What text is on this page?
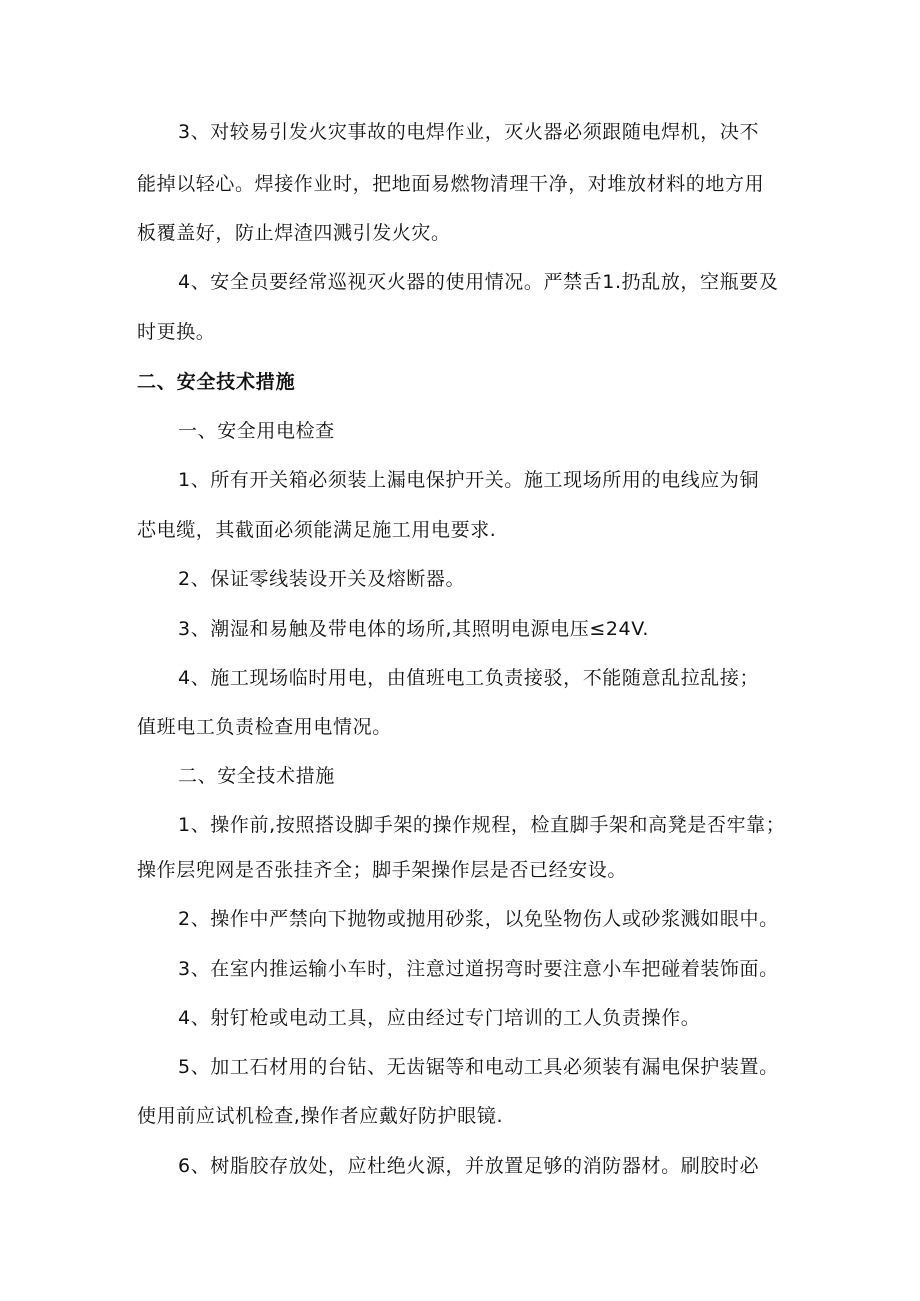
3、对较易引发火灾事故的电焊作业，灭火器必须跟随电焊机，决不
能掉以轻心。焊接作业时，把地面易燃物清理干净，对堆放材料的地方用
板覆盖好，防止焊渣四溅引发火灾。
4、安全员要经常巡视灭火器的使用情况。严禁舌1.扔乱放，空瓶要及
时更换。
二、安全技术措施
一、安全用电检查
1、所有开关箱必须装上漏电保护开关。施工现场所用的电线应为铜
芯电缆，其截面必须能满足施工用电要求.
2、保证零线装设开关及熔断器。
3、潮湿和易触及带电体的场所,其照明电源电压≤24V.
4、施工现场临时用电，由值班电工负责接驳，不能随意乱拉乱接；
值班电工负责检查用电情况。
二、安全技术措施
1、操作前,按照搭设脚手架的操作规程，检直脚手架和高凳是否牢靠；
操作层兜网是否张挂齐全；脚手架操作层是否已经安设。
2、操作中严禁向下抛物或抛用砂浆，以免坠物伤人或砂浆溅如眼中。
3、在室内推运输小车时，注意过道拐弯时要注意小车把碰着装饰面。
4、射钉枪或电动工具，应由经过专门培训的工人负责操作。
5、加工石材用的台钻、无齿锯等和电动工具必须装有漏电保护装置。
使用前应试机检查,操作者应戴好防护眼镜.
6、树脂胶存放处，应杜绝火源，并放置足够的消防器材。刷胶时必
